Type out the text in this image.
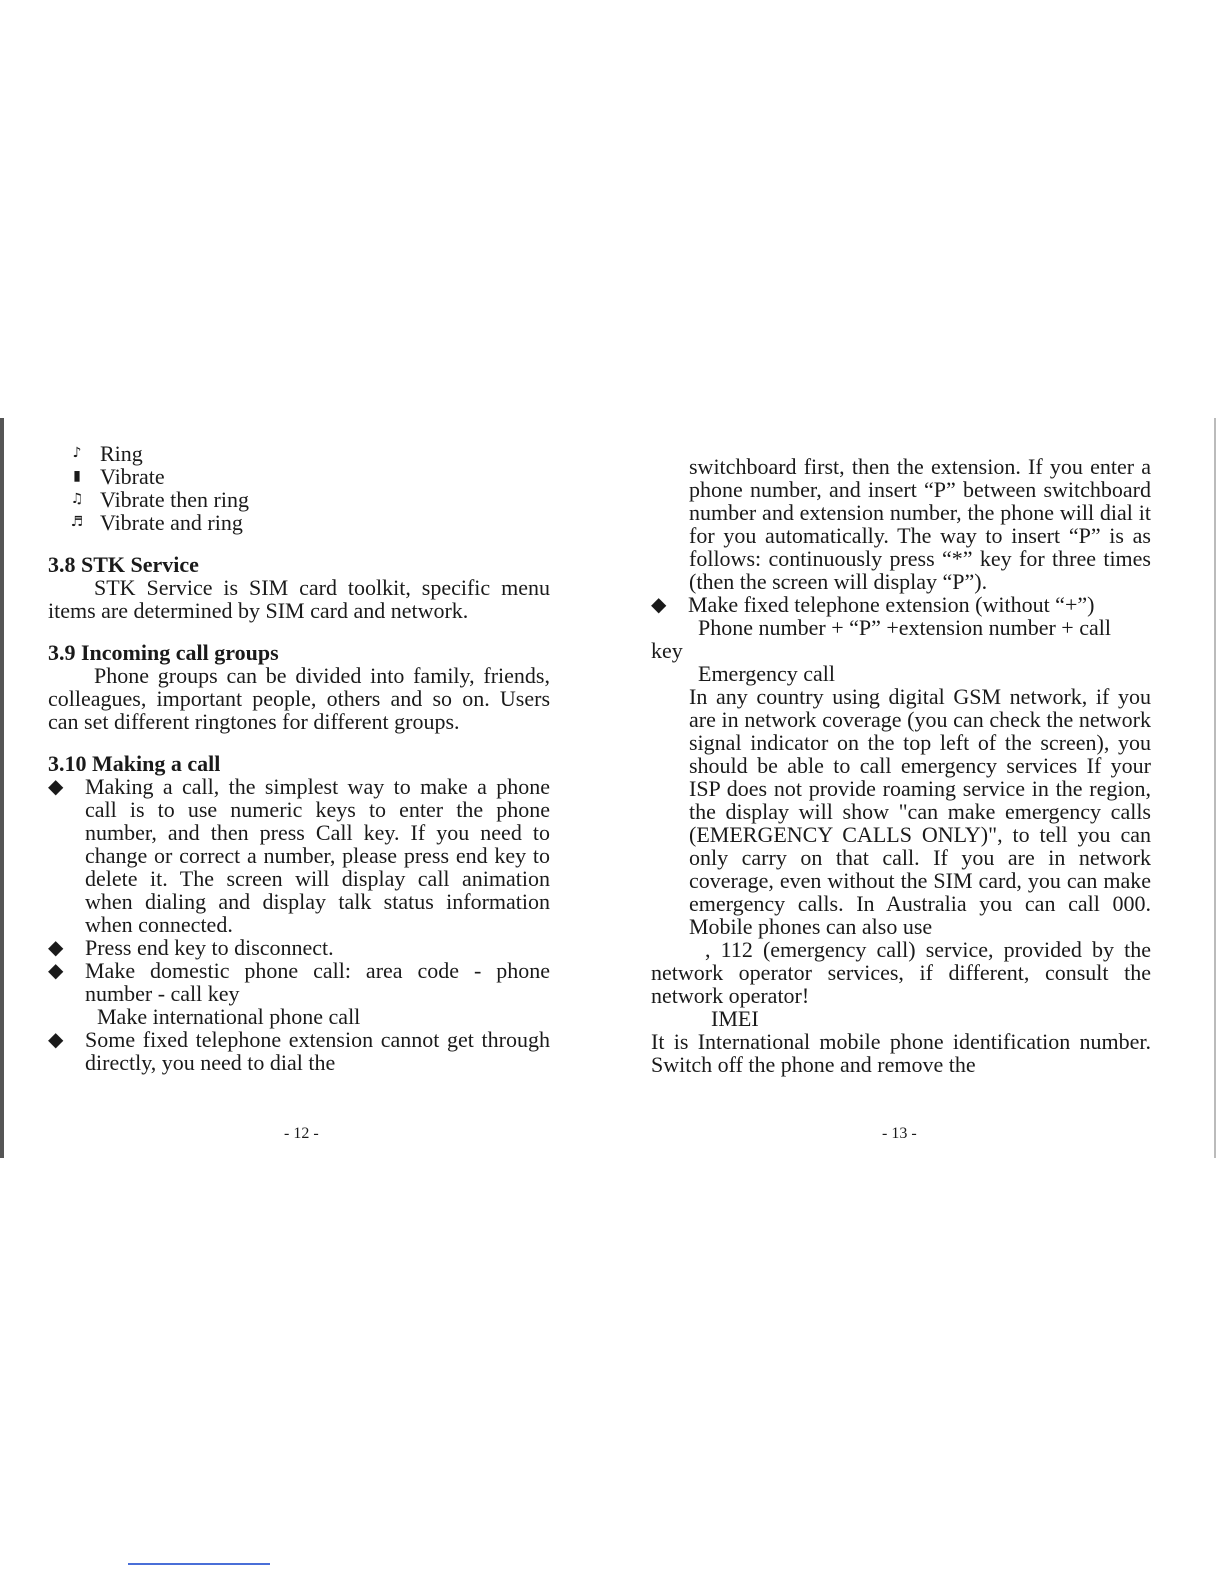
♪ Ring
▮ Vibrate
♫ Vibrate then ring
♬ Vibrate and ring
3.8 STK Service
STK Service is SIM card toolkit, specific menu items are determined by SIM card and network.
3.9 Incoming call groups
Phone groups can be divided into family, friends, colleagues, important people, others and so on. Users can set different ringtones for different groups.
3.10 Making a call
◆ Making a call, the simplest way to make a phone call is to use numeric keys to enter the phone number, and then press Call key. If you need to change or correct a number, please press end key to delete it. The screen will display call animation when dialing and display talk status information when connected.
◆ Press end key to disconnect.
◆ Make domestic phone call: area code - phone number - call key
Make international phone call
◆ Some fixed telephone extension cannot get through directly, you need to dial the
- 12 -
switchboard first, then the extension. If you enter a phone number, and insert “P” between switchboard number and extension number, the phone will dial it for you automatically. The way to insert “P” is as follows: continuously press “*” key for three times (then the screen will display “P”).
◆ Make fixed telephone extension (without “+”)
Phone number + “P” +extension number + call
key
Emergency call
In any country using digital GSM network, if you are in network coverage (you can check the network signal indicator on the top left of the screen), you should be able to call emergency services If your ISP does not provide roaming service in the region, the display will show "can make emergency calls (EMERGENCY CALLS ONLY)", to tell you can only carry on that call. If you are in network coverage, even without the SIM card, you can make emergency calls. In Australia you can call 000. Mobile phones can also use
, 112 (emergency call) service, provided by the network operator services, if different, consult the network operator!
IMEI
It is International mobile phone identification number. Switch off the phone and remove the
- 13 -
